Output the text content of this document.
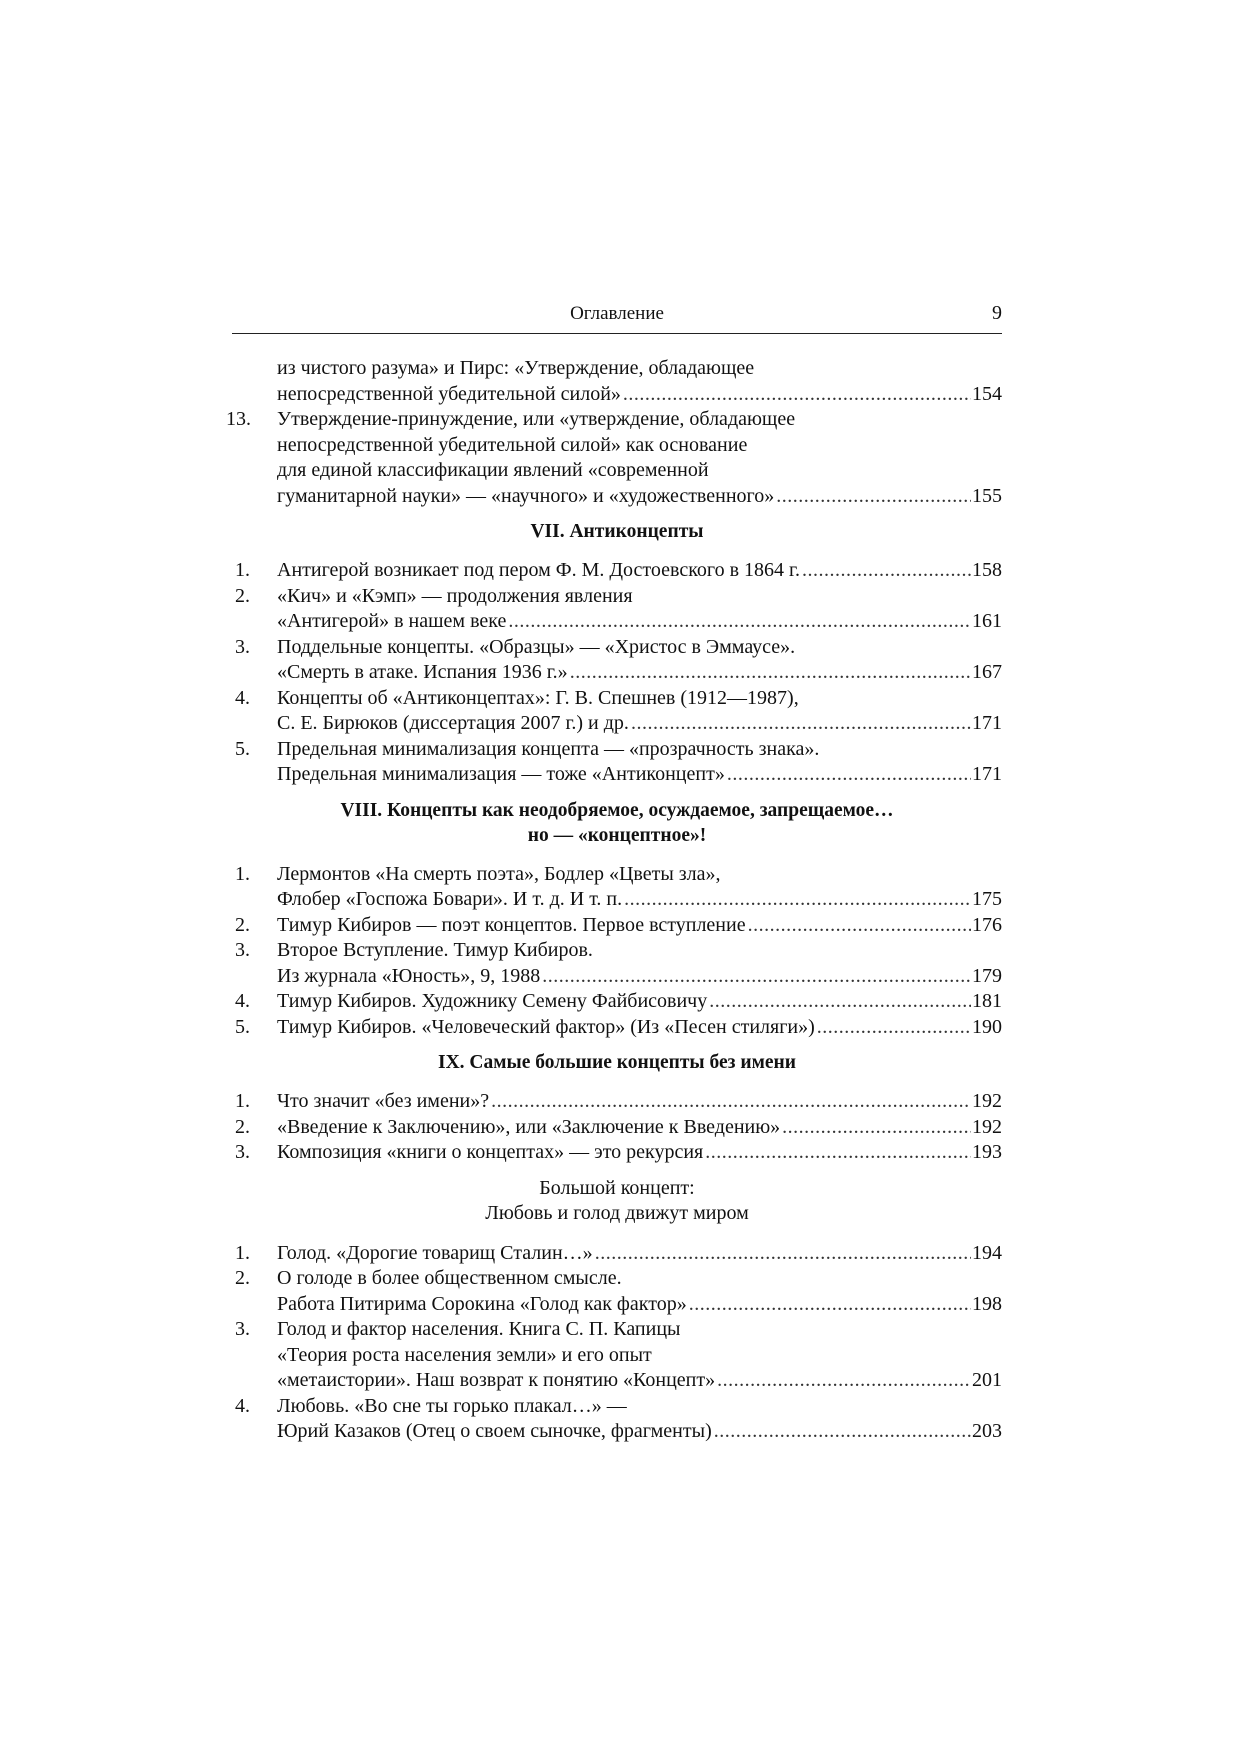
Оглавление	9
из чистого разума» и Пирс: «Утверждение, обладающее
непосредственной убедительной силой» .....	154
13. Утверждение-принуждение, или «утверждение, обладающее
непосредственной убедительной силой» как основание
для единой классификации явлений «современной
гуманитарной науки» — «научного» и «художественного» .....	155
VII. Антиконцепты
1. Антигерой возникает под пером Ф. М. Достоевского в 1864 г. .....	158
2. «Кич» и «Кэмп» — продолжения явления
«Антигерой» в нашем веке .....	161
3. Поддельные концепты. «Образцы» — «Христос в Эммаусе».
«Смерть в атаке. Испания 1936 г.» .....	167
4. Концепты об «Антиконцептах»: Г. В. Спешнев (1912—1987),
С. Е. Бирюков (диссертация 2007 г.) и др. .....	171
5. Предельная минимализация концепта — «прозрачность знака».
Предельная минимализация — тоже «Антиконцепт» .....	171
VIII. Концепты как неодобряемое, осуждаемое, запрещаемое…
но — «концептное»!
1. Лермонтов «На смерть поэта», Бодлер «Цветы зла»,
Флобер «Госпожа Бовари». И т. д. И т. п. .....	175
2. Тимур Кибиров — поэт концептов. Первое вступление .....	176
3. Второе Вступление. Тимур Кибиров.
Из журнала «Юность», 9, 1988 .....	179
4. Тимур Кибиров. Художнику Семену Файбисовичу .....	181
5. Тимур Кибиров. «Человеческий фактор» (Из «Песен стиляги») .....	190
IX. Самые большие концепты без имени
1. Что значит «без имени»? .....	192
2. «Введение к Заключению», или «Заключение к Введению» .....	192
3. Композиция «книги о концептах» — это рекурсия .....	193
Большой концепт:
Любовь и голод движут миром
1. Голод. «Дорогие товарищ Сталин…» .....	194
2. О голоде в более общественном смысле.
Работа Питирима Сорокина «Голод как фактор» .....	198
3. Голод и фактор населения. Книга С. П. Капицы
«Теория роста населения земли» и его опыт
«метаистории». Наш возврат к понятию «Концепт» .....	201
4. Любовь. «Во сне ты горько плакал…» —
Юрий Казаков (Отец о своем сыночке, фрагменты) .....	203
